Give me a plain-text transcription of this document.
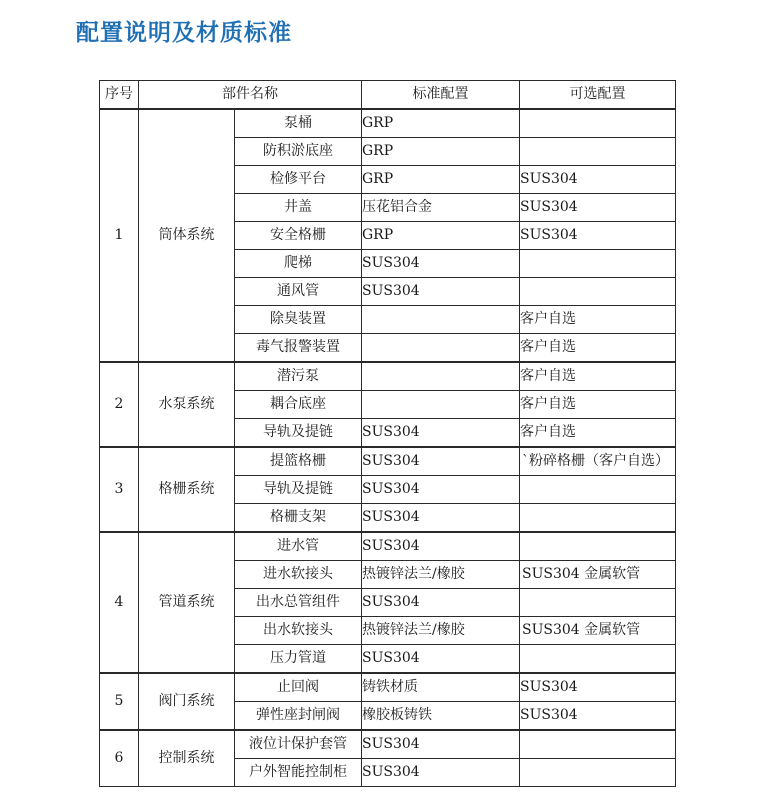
配置说明及材质标准
序号	部件名称		标准配置	可选配置
1	筒体系统	泵桶	GRP	
		防积淤底座	GRP	
		检修平台	GRP	SUS304
		井盖	压花铝合金	SUS304
		安全格栅	GRP	SUS304
		爬梯	SUS304	
		通风管	SUS304	
		除臭装置		客户自选
		毒气报警装置		客户自选
2	水泵系统	潜污泵		客户自选
		耦合底座		客户自选
		导轨及提链	SUS304	客户自选
3	格栅系统	提篮格栅	SUS304	`粉碎格栅（客户自选）
		导轨及提链	SUS304	
		格栅支架	SUS304	
4	管道系统	进水管	SUS304	
		进水软接头	热镀锌法兰/橡胶	SUS304 金属软管
		出水总管组件	SUS304	
		出水软接头	热镀锌法兰/橡胶	SUS304 金属软管
		压力管道	SUS304	
5	阀门系统	止回阀	铸铁材质	SUS304
		弹性座封闸阀	橡胶板铸铁	SUS304
6	控制系统	液位计保护套管	SUS304	
		户外智能控制柜	SUS304	
